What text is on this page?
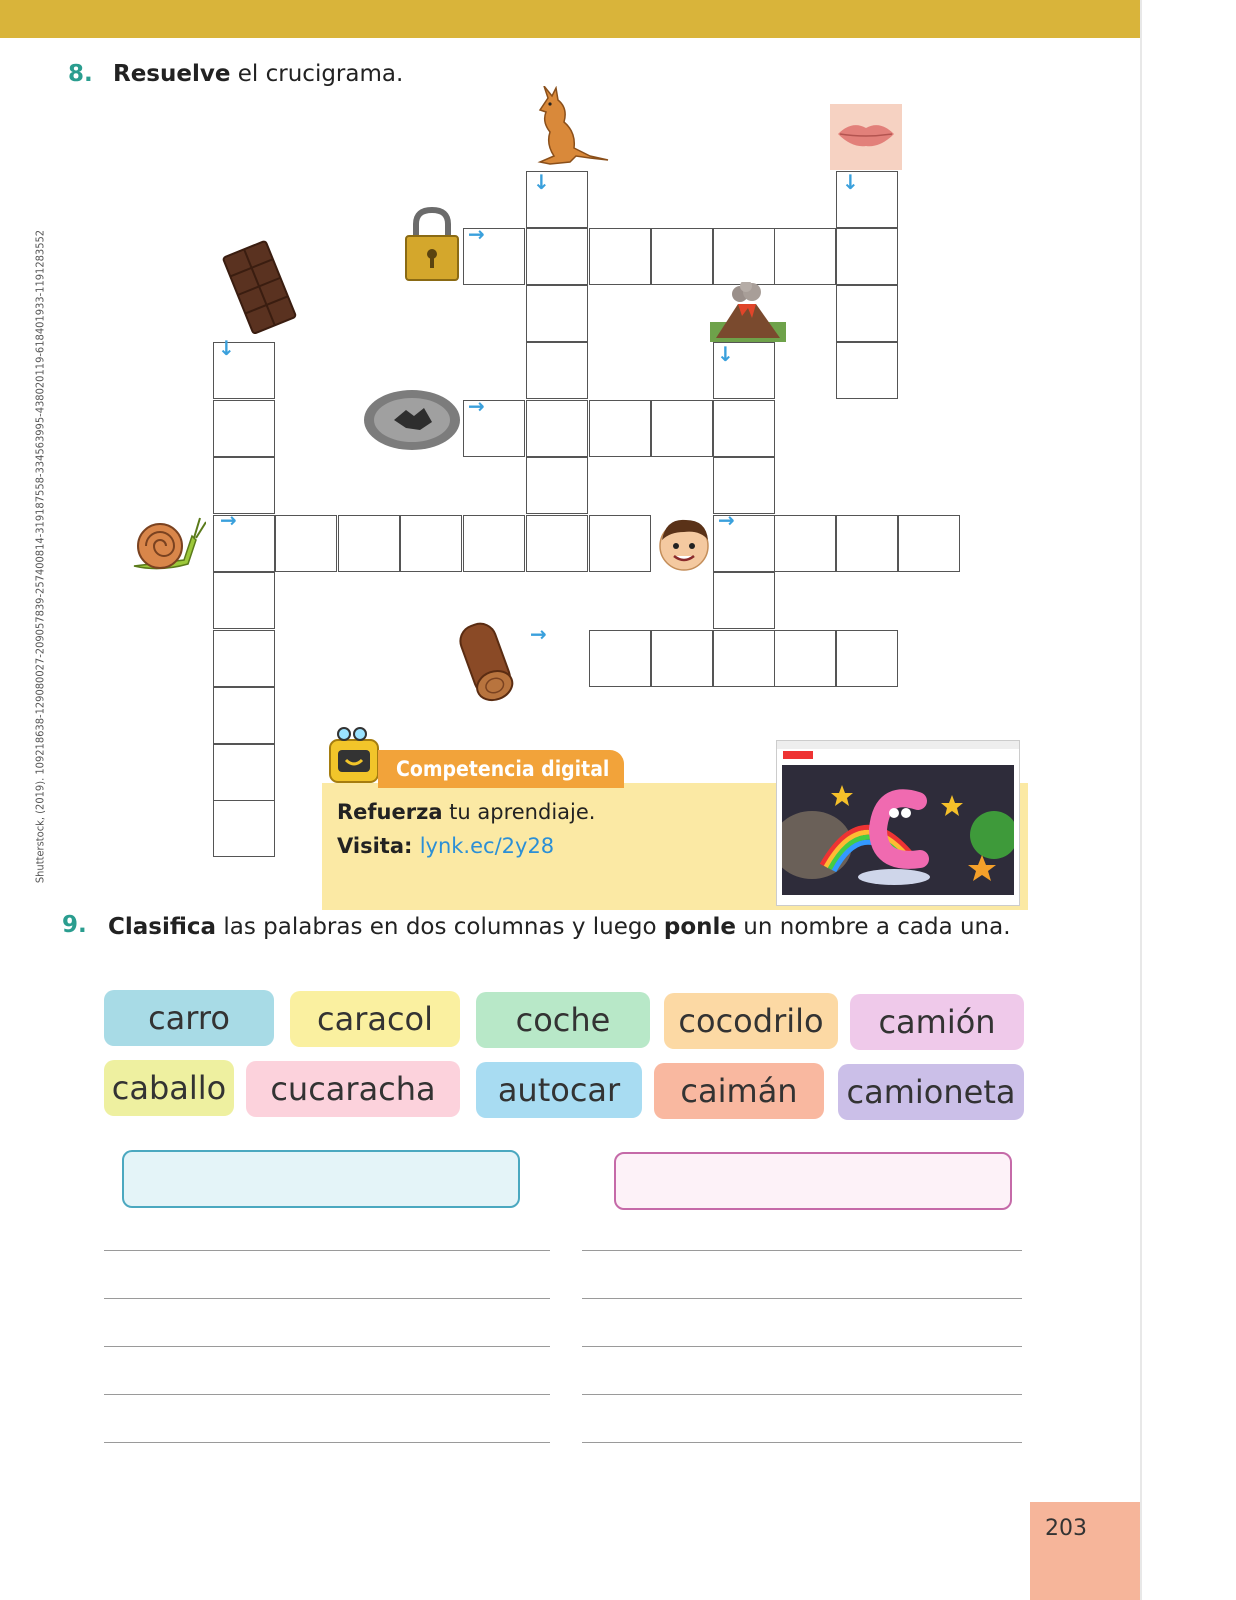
Shutterstock, (2019). 109218638-129080027-209057839-257400814-319187558-334563995-438020119-618401933-1191283552
8. Resuelve el crucigrama.
↓	↓
→
↓	↓
→
→	→
→
Competencia digital
Refuerza tu aprendiaje.
Visita: lynk.ec/2y28
9. Clasifica las palabras en dos columnas y luego ponle un nombre a cada una.
carro	caracol	coche	cocodrilo	camión
caballo	cucaracha	autocar	caimán	camioneta
203
